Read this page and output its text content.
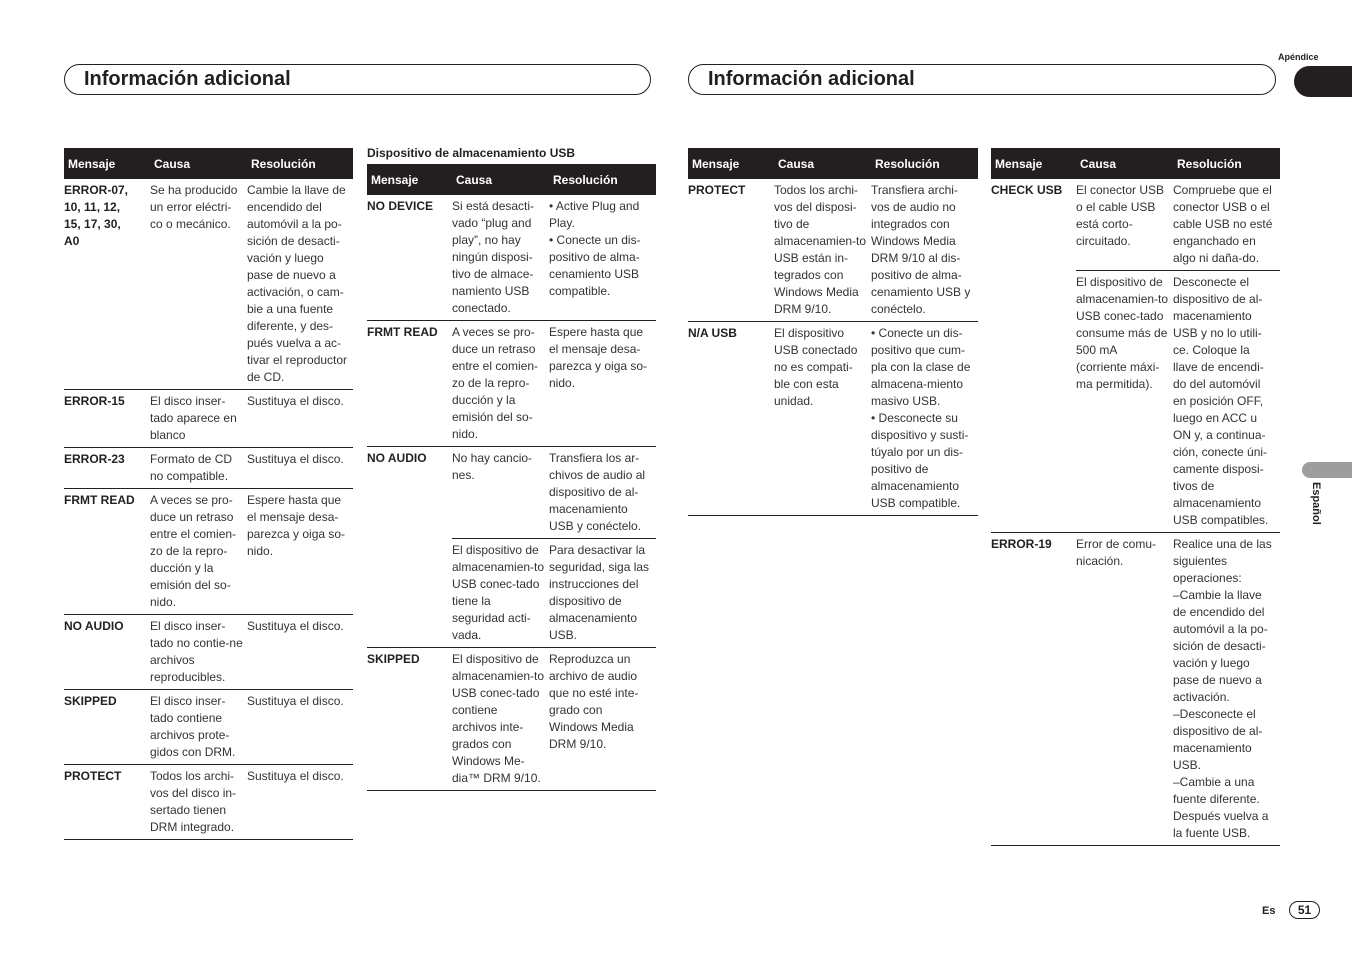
Apéndice
Información adicional	Información adicional
Español
Mensaje	Causa	Resolución
ERROR-07,
10, 11, 12,
15, 17, 30,
A0	Se ha producido un error eléctri-co o mecánico.	Cambie la llave de encendido del automóvil a la po-sición de desacti-vación y luego pase de nuevo a activación, o cam-bie a una fuente diferente, y des-pués vuelva a ac-tivar el reproductor de CD.
ERROR-15	El disco inser-tado aparece en blanco	Sustituya el disco.
ERROR-23	Formato de CD no compatible.	Sustituya el disco.
FRMT READ	A veces se pro-duce un retraso entre el comien-zo de la repro-ducción y la emisión del so-nido.	Espere hasta que el mensaje desa-parezca y oiga so-nido.
NO AUDIO	El disco inser-tado no contie-ne archivos reproducibles.	Sustituya el disco.
SKIPPED	El disco inser-tado contiene archivos prote-gidos con DRM.	Sustituya el disco.
PROTECT	Todos los archi-vos del disco in-sertado tienen DRM integrado.	Sustituya el disco.
Dispositivo de almacenamiento USB
Mensaje	Causa	Resolución
NO DEVICE	Si está desacti-vado “plug and play”, no hay ningún disposi-tivo de almace-namiento USB conectado.	• Active Plug and Play.
• Conecte un dis-positivo de alma-cenamiento USB compatible.
FRMT READ	A veces se pro-duce un retraso entre el comien-zo de la repro-ducción y la emisión del so-nido.	Espere hasta que el mensaje desa-parezca y oiga so-nido.
NO AUDIO	No hay cancio-nes.	Transfiera los ar-chivos de audio al dispositivo de al-macenamiento USB y conéctelo.
	El dispositivo de almacenamien-to USB conec-tado tiene la seguridad acti-vada.	Para desactivar la seguridad, siga las instrucciones del dispositivo de almacenamiento USB.
SKIPPED	El dispositivo de almacenamien-to USB conec-tado contiene archivos inte-grados con Windows Me-dia™ DRM 9/10.	Reproduzca un archivo de audio que no esté inte-grado con Windows Media DRM 9/10.
Mensaje	Causa	Resolución
PROTECT	Todos los archi-vos del disposi-tivo de almacenamien-to USB están in-tegrados con Windows Media DRM 9/10.	Transfiera archi-vos de audio no integrados con Windows Media DRM 9/10 al dis-positivo de alma-cenamiento USB y conéctelo.
N/A USB	El dispositivo USB conectado no es compati-ble con esta unidad.	• Conecte un dis-positivo que cum-pla con la clase de almacena-miento masivo USB.
• Desconecte su dispositivo y susti-túyalo por un dis-positivo de almacenamiento USB compatible.
Mensaje	Causa	Resolución
CHECK USB	El conector USB o el cable USB está corto-circuitado.	Compruebe que el conector USB o el cable USB no esté enganchado en algo ni daña-do.
	El dispositivo de almacenamien-to USB conec-tado consume más de 500 mA (corriente máxi-ma permitida).	Desconecte el dispositivo de al-macenamiento USB y no lo utili-ce. Coloque la llave de encendi-do del automóvil en posición OFF, luego en ACC u ON y, a continua-ción, conecte úni-camente disposi-tivos de almacenamiento USB compatibles.
ERROR-19	Error de comu-nicación.	Realice una de las siguientes operaciones:
–Cambie la llave de encendido del automóvil a la po-sición de desacti-vación y luego pase de nuevo a activación.
–Desconecte el dispositivo de al-macenamiento USB.
–Cambie a una fuente diferente. Después vuelva a la fuente USB.
Es	51
